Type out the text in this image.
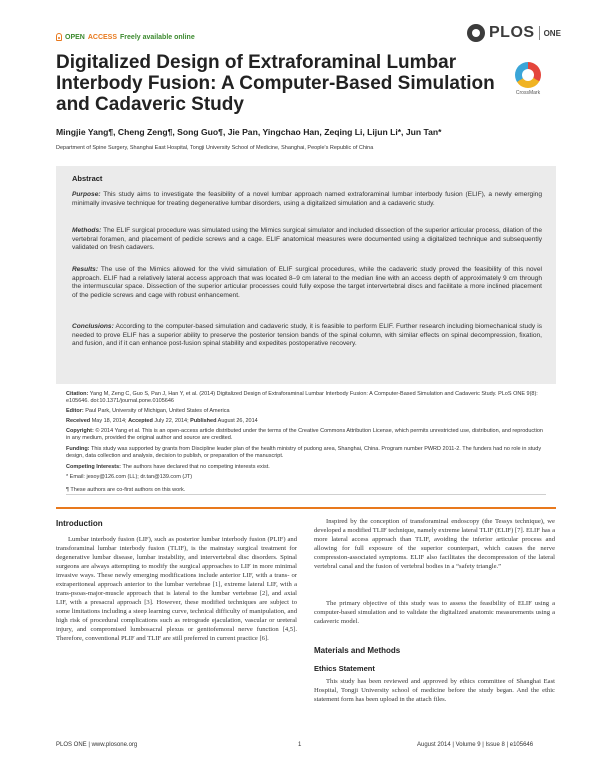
OPEN ACCESS Freely available online	PLOS ONE
CrossMark
Digitalized Design of Extraforaminal Lumbar Interbody Fusion: A Computer-Based Simulation and Cadaveric Study
Mingjie Yang¶, Cheng Zeng¶, Song Guo¶, Jie Pan, Yingchao Han, Zeqing Li, Lijun Li*, Jun Tan*
Department of Spine Surgery, Shanghai East Hospital, Tongji University School of Medicine, Shanghai, People's Republic of China
Abstract

Purpose: This study aims to investigate the feasibility of a novel lumbar approach named extraforaminal lumbar interbody fusion (ELIF), a newly emerging minimally invasive technique for treating degenerative lumbar disorders, using a digitalized simulation and a cadaveric study.

Methods: The ELIF surgical procedure was simulated using the Mimics surgical simulator and included dissection of the superior articular process, dilation of the vertebral foramen, and placement of pedicle screws and a cage. ELIF anatomical measures were documented using a digitalized technique and subsequently validated on fresh cadavers.

Results: The use of the Mimics allowed for the vivid simulation of ELIF surgical procedures, while the cadaveric study proved the feasibility of this novel approach. ELIF had a relatively lateral access approach that was located 8–9 cm lateral to the median line with an access depth of approximately 9 cm through the intermuscular space. Dissection of the superior articular processes could fully expose the target intervertebral discs and facilitate a more inclined placement of the pedicle screws and cage with robust enhancement.

Conclusions: According to the computer-based simulation and cadaveric study, it is feasible to perform ELIF. Further research including biomechanical study is needed to prove ELIF has a superior ability to preserve the posterior tension bands of the spinal column, with similar effects on spinal decompression, fixation, and fusion, and if it can enhance post-fusion spinal stability and expedites postoperative recovery.

Citation: Yang M, Zeng C, Guo S, Pan J, Han Y, et al. (2014) Digitalized Design of Extraforaminal Lumbar Interbody Fusion: A Computer-Based Simulation and Cadaveric Study. PLoS ONE 9(8): e105646. doi:10.1371/journal.pone.0105646
Editor: Paul Park, University of Michigan, United States of America
Received May 18, 2014; Accepted July 22, 2014; Published August 26, 2014
Copyright: © 2014 Yang et al. This is an open-access article distributed under the terms of the Creative Commons Attribution License, which permits unrestricted use, distribution, and reproduction in any medium, provided the original author and source are credited.
Funding: This study was supported by grants from Discipline leader plan of the health ministry of pudong area, Shanghai, China. Program number PWRD 2011-2. The funders had no role in study design, data collection and analysis, decision to publish, or preparation of the manuscript.
Competing Interests: The authors have declared that no competing interests exist.
* Email: jesoy@126.com (LL); dr.tan@139.com (JT)
¶ These authors are co-first authors on this work.
Introduction

Lumbar interbody fusion (LIF), such as posterior lumbar interbody fusion (PLIF) and transforaminal lumbar interbody fusion (TLIF), is the mainstay surgical treatment for degenerative lumbar disease, lumbar instability, and intervertebral disc disorders. Spinal surgeons are always attempting to modify the surgical approaches to LIF in more minimal invasive ways. These newly emerging modifications include anterior LIF, with a trans- or extraperitoneal approach anterior to the lumbar vertebrae [1], extreme lateral LIF, with a trans-psoas-major-muscle approach that is lateral to the lumbar vertebrae [2], and axial LIF, with a presacral approach [3]. However, these modified techniques are subject to some limitations including a steep learning curve, technical difficulty of manipulation, and high risk of procedural complications such as retrograde ejaculation, vascular or ureteral injury, and compromised lumbosacral plexus or genitofemoral nerve function [4,5]. Therefore, conventional PLIF and TLIF are still preferred in current practice [6].

Inspired by the conception of transforaminal endoscopy (the Tessys technique), we developed a modified TLIF technique, namely extreme lateral TLIF (ELIF) [7]. ELIF has a more lateral access approach than TLIF, avoiding the inferior articular process and allowing for full exposure of the superior counterpart, which causes the nerve compression-associated symptoms. ELIF also facilitates the decompression of the lateral vertebral canal and the fusion of vertebral bodies in a “safety triangle.”

The primary objective of this study was to assess the feasibility of ELIF using a computer-based simulation and to validate the digitalized anatomic measurements using a cadaveric model.

Materials and Methods
Ethics Statement

This study has been reviewed and approved by ethics committee of Shanghai East Hospital, Tongji University school of medicine before the study began. And the ethic statement form has been upload in the attach files.

PLOS ONE | www.plosone.org	1	August 2014 | Volume 9 | Issue 8 | e105646
